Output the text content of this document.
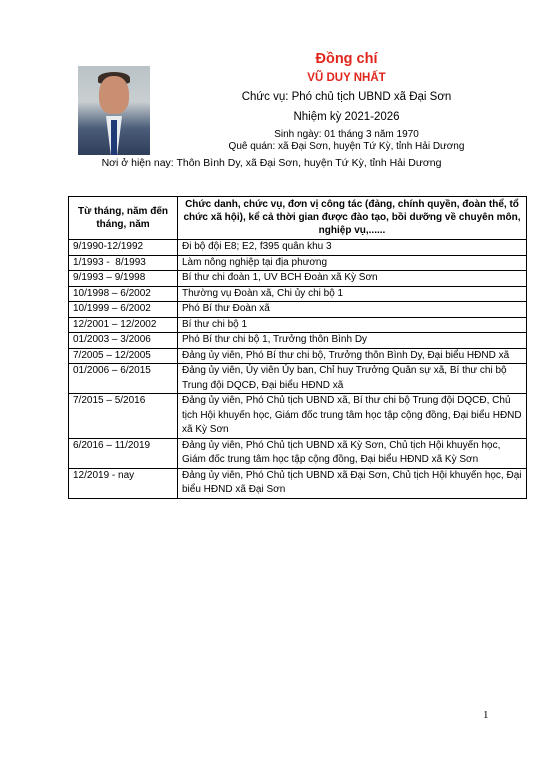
Đồng chí
VŨ DUY NHẤT
Chức vụ: Phó chủ tịch UBND xã Đại Sơn
Nhiệm kỳ 2021-2026
Sinh ngày: 01 tháng 3 năm 1970
Quê quán: xã Đại Sơn, huyện Tứ Kỳ, tỉnh Hải Dương
Nơi ở hiện nay: Thôn Bình Dy, xã Đại Sơn, huyện Tứ Kỳ, tỉnh Hải Dương
Từ tháng, năm đến tháng, năm	Chức danh, chức vụ, đơn vị công tác (đảng, chính quyền, đoàn thể, tổ chức xã hội), kể cả thời gian được đào tạo, bồi dưỡng về chuyên môn, nghiệp vụ,......
9/1990-12/1992	Đi bộ đội E8; E2, f395 quân khu 3
1/1993 -  8/1993	Làm nông nghiệp tại địa phương
9/1993 – 9/1998	Bí thư chi đoàn 1, UV BCH Đoàn xã Kỳ Sơn
10/1998 – 6/2002	Thường vụ Đoàn xã, Chi ủy chi bộ 1
10/1999 – 6/2002	Phó Bí thư Đoàn xã
12/2001 – 12/2002	Bí thư chi bộ 1
01/2003 – 3/2006	Phó Bí thư chi bộ 1, Trưởng thôn Bình Dy
7/2005 – 12/2005	Đảng ủy viên, Phó Bí thư chi bộ, Trưởng thôn Bình Dy, Đại biểu HĐND xã
01/2006 – 6/2015	Đảng ủy viên, Ủy viên Ủy ban, Chỉ huy Trưởng Quân sự xã, Bí thư chi bộ Trung đội DQCĐ, Đại biểu HĐND xã
7/2015 – 5/2016	Đảng ủy viên, Phó Chủ tịch UBND xã, Bí thư chi bộ Trung đội DQCĐ, Chủ tịch Hội khuyến học, Giám đốc trung tâm học tập cộng đồng, Đại biểu HĐND xã Kỳ Sơn
6/2016 – 11/2019	Đảng ủy viên, Phó Chủ tịch UBND xã Kỳ Sơn, Chủ tịch Hội khuyến học, Giám đốc trung tâm học tập cộng đồng, Đại biểu HĐND xã Kỳ Sơn
12/2019 - nay	Đảng ủy viên, Phó Chủ tịch UBND xã Đại Sơn, Chủ tịch Hội khuyến học, Đại biểu HĐND xã Đại Sơn
1
